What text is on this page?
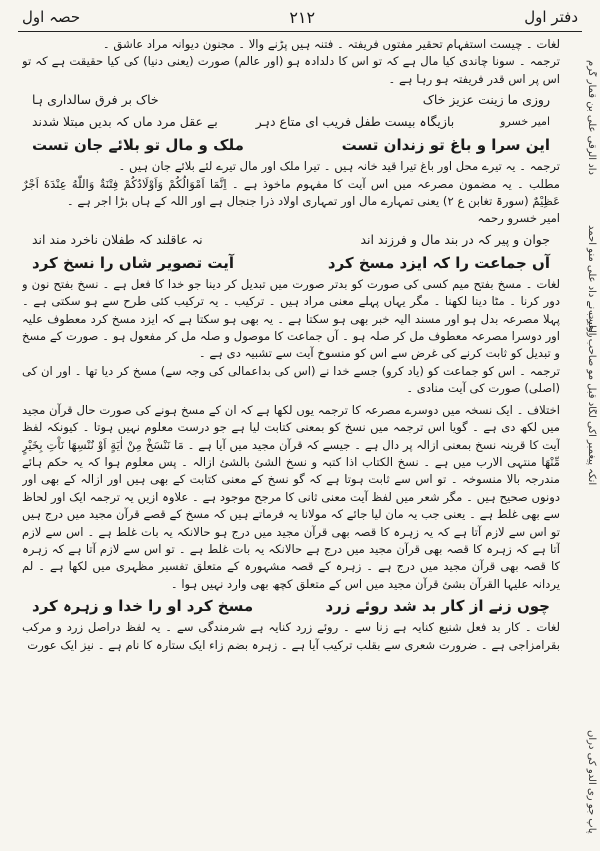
دفتر اول
۲۱۲
حصہ اول
داد الرقی علی بن قمار گرم
روایت نے داد علی منو احمد
آنکہ پیغمبر اکی لگاد قبل مو صاحب العرب
پاپ جو ری الدو کی دراں

لغات ۔ چیست استفہام تحقیر مفتوں فریفتہ ۔ فتنہ ہیں پڑنے والا ۔ مجنون دیوانہ مراد عاشق ۔

ترجمہ ۔ سونا چاندی کیا مال ہے کہ تو اس کا دلدادہ ہو (اور عالم) صورت (یعنی دنیا) کی کیا حقیقت ہے کہ تو اس پر اس قدر فریفتہ ہو رہا ہے ۔

روزی ما زینت عزیز خاک
خاک بر فرق سالداری ہا
امیر خسرو
بازیگاہ بیست طفل فریب ای متاع دہر
بے عقل مرد ماں کہ بدیں مبتلا شدند
این سرا و باغ تو زندان تست
ملک و مال تو بلائے جان تست

ترجمہ ۔ یہ تیرے محل اور باغ تیرا قید خانہ ہیں ۔ تیرا ملک اور مال تیرے لئے بلائے جان ہیں ۔

مطلب ۔ یہ مضمون مصرعہ میں اس آیت کا مفہوم ماخوذ ہے ۔ اِنَّمَا اَمْوَالُكُمْ وَاَوْلَادُكُمْ فِتْنَةٌ وَاللّٰهُ عِنْدَهٗ اَجْرٌ عَظِيْمٌ (سورۃ تغابن ع ۲) یعنی تمہارے مال اور تمہاری اولاد ذرا جنجال ہے اور اللہ کے ہاں بڑا اجر ہے ۔

امیر خسرو رحمہ

جوان و پیر کہ در بند مال و فرزند اند
نہ عاقلند کہ طفلان ناخرد مند اند
آں جماعت را کہ ایزد مسخ کرد
آیت تصویر شاں را نسخ کرد

لغات ۔ مسخ بفتح میم کسی کی صورت کو بدتر صورت میں تبدیل کر دینا جو خدا کا فعل ہے ۔ نسخ بفتح نون و دور کرنا ۔ مٹا دینا لکھنا ۔ مگر یہاں پہلے معنی مراد ہیں ۔ ترکیب ۔ یہ ترکیب کئی طرح سے ہو سکتی ہے ۔ پہلا مصرعہ بدل ہو اور مسند الیہ خبر بھی ہو سکتا ہے ۔ یہ بھی ہو سکتا ہے کہ ایزد مسخ کرد معطوف علیہ اور دوسرا مصرعہ معطوف مل کر صلہ ہو ۔ آں جماعت کا موصول و صلہ مل کر مفعول ہو ۔ صورت کے مسخ و تبدیل کو ثابت کرنے کی غرض سے اس کو منسوخ آیت سے تشبیہ دی ہے ۔

ترجمہ ۔ اس کو جماعت کو (یاد کرو) جسے خدا نے (اس کی بداعمالی کی وجہ سے) مسخ کر دیا تھا ۔ اور ان کی (اصلی) صورت کی آیت منادی ۔

اختلاف ۔ ایک نسخہ میں دوسرے مصرعہ کا ترجمہ یوں لکھا ہے کہ ان کے مسخ ہونے کی صورت حال قرآن مجید میں لکھ دی ہے ۔ گویا اس ترجمہ میں نسخ کو بمعنی کتابت لیا ہے جو درست معلوم نہیں ہوتا ۔ کیونکہ لفظ آیت کا قرینہ نسخ بمعنی ازالہ پر دال ہے ۔ جیسے کہ قرآن مجید میں آیا ہے ۔ مَا نَنْسَخْ مِنْ اٰيَةٍ اَوْ نُنْسِهَا نَاْتِ بِخَيْرٍ مِّنْهَا منتہی الارب میں ہے ۔ نسخ الکتاب اذا کتبہ و نسخ الشئ بالشئ ازالہ ۔ پس معلوم ہوا کہ یہ حکم ہائے مندرجہ بالا منسوخہ ۔ تو اس سے ثابت ہوتا ہے کہ گو نسخ کے معنی کتابت کے بھی ہیں اور ازالہ کے بھی اور دونوں صحیح ہیں ۔ مگر شعر میں لفظ آیت معنی ثانی کا مرجح موجود ہے ۔ علاوہ ازیں یہ ترجمہ ایک اور لحاظ سے بھی غلط ہے ۔ یعنی جب یہ مان لیا جائے کہ مولانا یہ فرماتے ہیں کہ مسخ کے قصے قرآن مجید میں درج ہیں تو اس سے لازم آتا ہے کہ یہ زہرہ کا قصہ بھی قرآن مجید میں درج ہو حالانکہ یہ بات غلط ہے ۔ اس سے لازم آتا ہے کہ زہرہ کا قصہ بھی قرآن مجید میں درج ہے حالانکہ یہ بات غلط ہے ۔ تو اس سے لازم آتا ہے کہ زہرہ کا قصہ بھی قرآن مجید میں درج ہے ۔ زہرہ کے قصہ مشہورہ کے متعلق تفسیر مظہری میں لکھا ہے ۔ لم یردانہ علیہا القرآن بشئ قرآن مجید میں اس کے متعلق کچھ بھی وارد نہیں ہوا ۔

چوں زنے از کار بد شد روئے زرد
مسخ کرد او را خدا و زہرہ کرد

لغات ۔ کار بد فعل شنیع کنایہ ہے زنا سے ۔ روئے زرد کنایہ ہے شرمندگی سے ۔ یہ لفظ دراصل زرد و مرکب بقرامزاجی ہے ۔ ضرورت شعری سے بقلب ترکیب آیا ہے ۔ زہرہ بضم زاء ایک ستارہ کا نام ہے ۔ نیز ایک عورت
